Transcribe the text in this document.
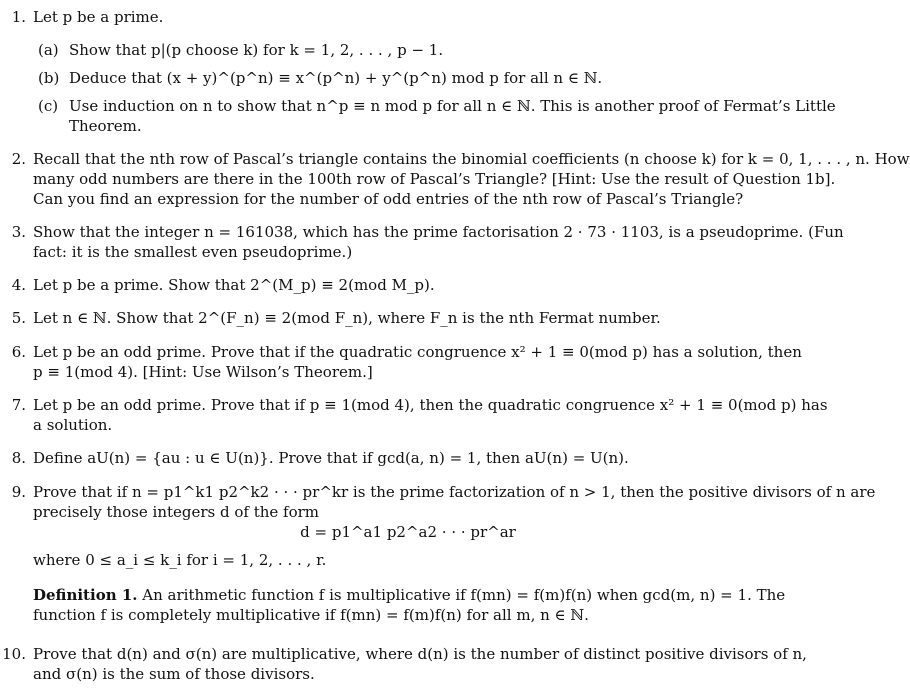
1. Let p be a prime.
(a) Show that p|(p choose k) for k = 1, 2, . . . , p − 1.
(b) Deduce that (x + y)^(p^n) ≡ x^(p^n) + y^(p^n) mod p for all n ∈ ℕ.
(c) Use induction on n to show that n^p ≡ n mod p for all n ∈ ℕ. This is another proof of Fermat’s Little
Theorem.
2. Recall that the nth row of Pascal’s triangle contains the binomial coefficients (n choose k) for k = 0, 1, . . . , n. How
many odd numbers are there in the 100th row of Pascal’s Triangle? [Hint: Use the result of Question 1b].
Can you find an expression for the number of odd entries of the nth row of Pascal’s Triangle?
3. Show that the integer n = 161038, which has the prime factorisation 2 · 73 · 1103, is a pseudoprime. (Fun
fact: it is the smallest even pseudoprime.)
4. Let p be a prime. Show that 2^(M_p) ≡ 2(mod M_p).
5. Let n ∈ ℕ. Show that 2^(F_n) ≡ 2(mod F_n), where F_n is the nth Fermat number.
6. Let p be an odd prime. Prove that if the quadratic congruence x² + 1 ≡ 0(mod p) has a solution, then
p ≡ 1(mod 4). [Hint: Use Wilson’s Theorem.]
7. Let p be an odd prime. Prove that if p ≡ 1(mod 4), then the quadratic congruence x² + 1 ≡ 0(mod p) has
a solution.
8. Define aU(n) = {au : u ∈ U(n)}. Prove that if gcd(a, n) = 1, then aU(n) = U(n).
9. Prove that if n = p1^k1 p2^k2 · · · pr^kr is the prime factorization of n > 1, then the positive divisors of n are
precisely those integers d of the form
d = p1^a1 p2^a2 · · · pr^ar
where 0 ≤ a_i ≤ k_i for i = 1, 2, . . . , r.
Definition 1. An arithmetic function f is multiplicative if f(mn) = f(m)f(n) when gcd(m, n) = 1. The
function f is completely multiplicative if f(mn) = f(m)f(n) for all m, n ∈ ℕ.
10. Prove that d(n) and σ(n) are multiplicative, where d(n) is the number of distinct positive divisors of n,
and σ(n) is the sum of those divisors.
